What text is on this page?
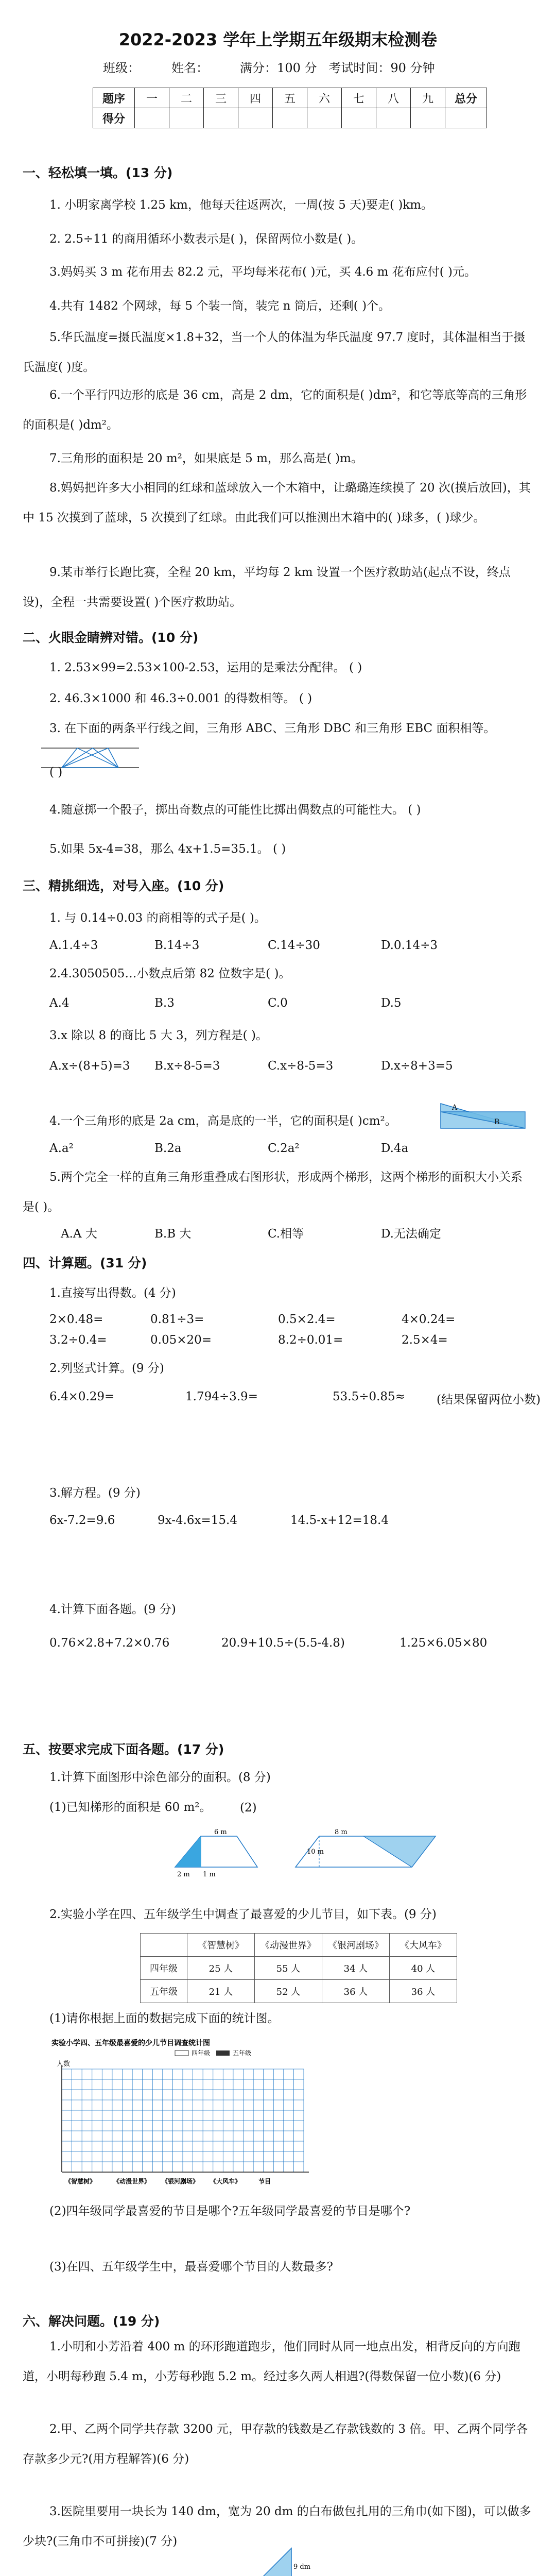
2022-2023 学年上学期五年级期末检测卷
班级：        姓名：        满分：100 分   考试时间：90 分钟
题序	一	二	三	四	五	六	七	八	九	总分
得分										
一、轻松填一填。(13 分)
1. 小明家离学校 1.25 km，他每天往返两次，一周(按 5 天)要走( )km。
2. 2.5÷11 的商用循环小数表示是( )，保留两位小数是( )。
3.妈妈买 3 m 花布用去 82.2 元，平均每米花布( )元，买 4.6 m 花布应付( )元。
4.共有 1482 个网球，每 5 个装一筒，装完 n 筒后，还剩( )个。
5.华氏温度=摄氏温度×1.8+32，当一个人的体温为华氏温度 97.7 度时，其体温相当于摄氏温度( )度。
6.一个平行四边形的底是 36 cm，高是 2 dm，它的面积是( )dm²，和它等底等高的三角形的面积是( )dm²。
7.三角形的面积是 20 m²，如果底是 5 m，那么高是( )m。
8.妈妈把许多大小相同的红球和蓝球放入一个木箱中，让璐璐连续摸了 20 次(摸后放回)，其中 15 次摸到了蓝球，5 次摸到了红球。由此我们可以推测出木箱中的( )球多，( )球少。
9.某市举行长跑比赛，全程 20 km，平均每 2 km 设置一个医疗救助站(起点不设，终点设)，全程一共需要设置( )个医疗救助站。
二、火眼金睛辨对错。(10 分)
1. 2.53×99=2.53×100-2.53，运用的是乘法分配律。 ( )
2. 46.3×1000 和 46.3÷0.001 的得数相等。 ( )
3. 在下面的两条平行线之间，三角形 ABC、三角形 DBC 和三角形 EBC 面积相等。
( )
4.随意掷一个骰子，掷出奇数点的可能性比掷出偶数点的可能性大。 ( )
5.如果 5x-4=38，那么 4x+1.5=35.1。 ( )
三、精挑细选，对号入座。(10 分)
1. 与 0.14÷0.03 的商相等的式子是( )。
A.1.4÷3	B.14÷3	C.14÷30	D.0.14÷3
2.4.3050505…小数点后第 82 位数字是( )。
A.4	B.3	C.0	D.5
3.x 除以 8 的商比 5 大 3，列方程是( )。
A.x÷(8+5)=3 B.x÷8-5=3	C.x÷8-5=3	D.x÷8+3=5
4.一个三角形的底是 2a cm，高是底的一半，它的面积是( )cm²。
A
B
A.a²	B.2a	C.2a²	D.4a
5.两个完全一样的直角三角形重叠成右图形状，形成两个梯形，这两个梯形的面积大小关系是( )。
A.A 大	B.B 大	C.相等	D.无法确定
四、计算题。(31 分)
1.直接写出得数。(4 分)
2×0.48=	0.81÷3=	0.5×2.4=	4×0.24=
3.2÷0.4=	0.05×20=	8.2÷0.01=	2.5×4=
2.列竖式计算。(9 分)
6.4×0.29=	1.794÷3.9=	53.5÷0.85≈	(结果保留两位小数)
3.解方程。(9 分)
6x-7.2=9.6	9x-4.6x=15.4	14.5-x+12=18.4
4.计算下面各题。(9 分)
0.76×2.8+7.2×0.76	20.9+10.5÷(5.5-4.8)	1.25×6.05×80
五、按要求完成下面各题。(17 分)
1.计算下面图形中涂色部分的面积。(8 分)
(1)已知梯形的面积是 60 m²。	(2)
6 m
2 m 1 m
8 m
10 m
2.实验小学在四、五年级学生中调查了最喜爱的少儿节目，如下表。(9 分)
	《智慧树》	《动漫世界》	《银河剧场》	《大风车》
四年级	25 人	55 人	34 人	40 人
五年级	21 人	52 人	36 人	36 人
(1)请你根据上面的数据完成下面的统计图。
实验小学四、五年级最喜爱的少儿节目调查统计图
四年级	五年级
人数
《智慧树》	《动漫世界》 《银河剧场》 《大风车》	节目
(2)四年级同学最喜爱的节目是哪个?五年级同学最喜爱的节目是哪个?
(3)在四、五年级学生中，最喜爱哪个节目的人数最多?
六、解决问题。(19 分)
1.小明和小芳沿着 400 m 的环形跑道跑步，他们同时从同一地点出发，相背反向的方向跑道，小明每秒跑 5.4 m，小芳每秒跑 5.2 m。经过多久两人相遇?(得数保留一位小数)(6 分)
2.甲、乙两个同学共存款 3200 元，甲存款的钱数是乙存款钱数的 3 倍。甲、乙两个同学各存款多少元?(用方程解答)(6 分)
3.医院里要用一块长为 140 dm，宽为 20 dm 的白布做包扎用的三角巾(如下图)，可以做多少块?(三角巾不可拼接)(7 分)
9 dm
